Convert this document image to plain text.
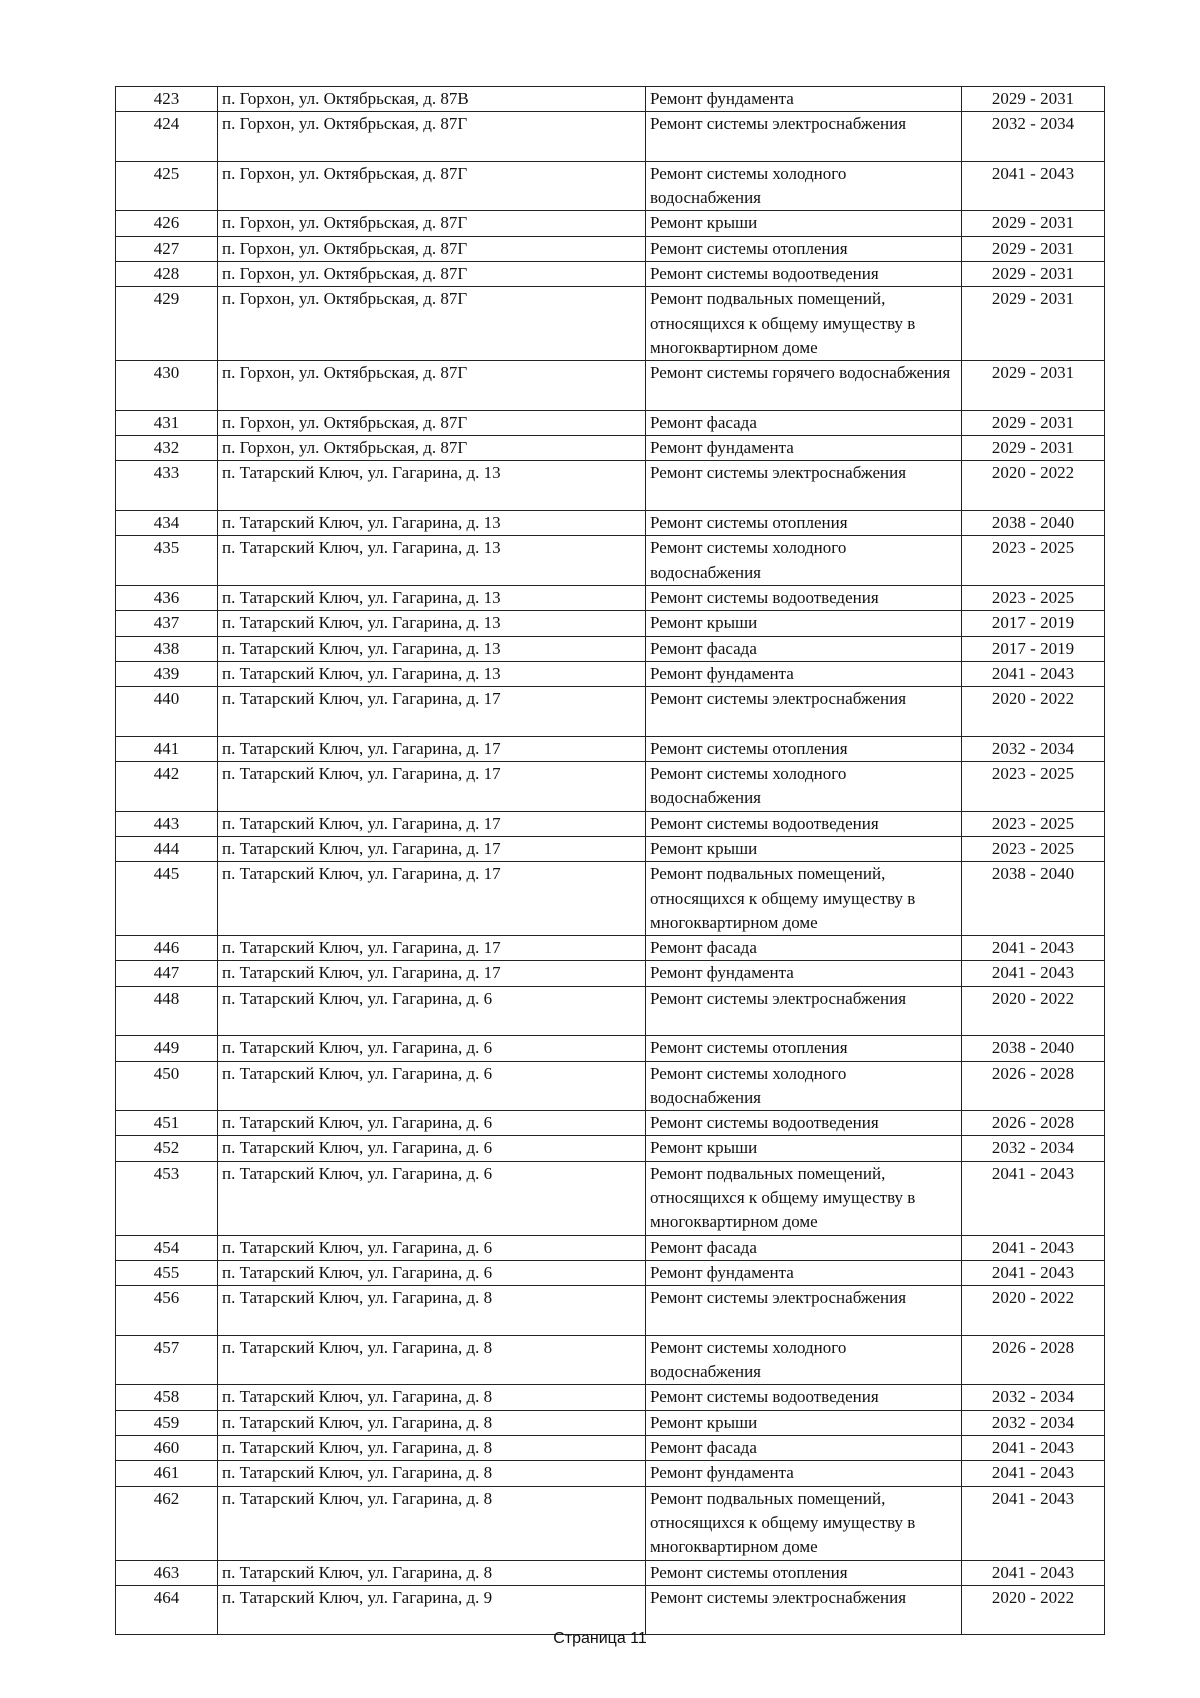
423	п. Горхон, ул. Октябрьская, д. 87В	Ремонт фундамента	2029 - 2031
424	п. Горхон, ул. Октябрьская, д. 87Г	Ремонт системы электроснабжения	2032 - 2034
425	п. Горхон, ул. Октябрьская, д. 87Г	Ремонт системы холодного водоснабжения	2041 - 2043
426	п. Горхон, ул. Октябрьская, д. 87Г	Ремонт крыши	2029 - 2031
427	п. Горхон, ул. Октябрьская, д. 87Г	Ремонт системы отопления	2029 - 2031
428	п. Горхон, ул. Октябрьская, д. 87Г	Ремонт системы водоотведения	2029 - 2031
429	п. Горхон, ул. Октябрьская, д. 87Г	Ремонт подвальных помещений, относящихся к общему имуществу в многоквартирном доме	2029 - 2031
430	п. Горхон, ул. Октябрьская, д. 87Г	Ремонт системы горячего водоснабжения	2029 - 2031
431	п. Горхон, ул. Октябрьская, д. 87Г	Ремонт фасада	2029 - 2031
432	п. Горхон, ул. Октябрьская, д. 87Г	Ремонт фундамента	2029 - 2031
433	п. Татарский Ключ, ул. Гагарина, д. 13	Ремонт системы электроснабжения	2020 - 2022
434	п. Татарский Ключ, ул. Гагарина, д. 13	Ремонт системы отопления	2038 - 2040
435	п. Татарский Ключ, ул. Гагарина, д. 13	Ремонт системы холодного водоснабжения	2023 - 2025
436	п. Татарский Ключ, ул. Гагарина, д. 13	Ремонт системы водоотведения	2023 - 2025
437	п. Татарский Ключ, ул. Гагарина, д. 13	Ремонт крыши	2017 - 2019
438	п. Татарский Ключ, ул. Гагарина, д. 13	Ремонт фасада	2017 - 2019
439	п. Татарский Ключ, ул. Гагарина, д. 13	Ремонт фундамента	2041 - 2043
440	п. Татарский Ключ, ул. Гагарина, д. 17	Ремонт системы электроснабжения	2020 - 2022
441	п. Татарский Ключ, ул. Гагарина, д. 17	Ремонт системы отопления	2032 - 2034
442	п. Татарский Ключ, ул. Гагарина, д. 17	Ремонт системы холодного водоснабжения	2023 - 2025
443	п. Татарский Ключ, ул. Гагарина, д. 17	Ремонт системы водоотведения	2023 - 2025
444	п. Татарский Ключ, ул. Гагарина, д. 17	Ремонт крыши	2023 - 2025
445	п. Татарский Ключ, ул. Гагарина, д. 17	Ремонт подвальных помещений, относящихся к общему имуществу в многоквартирном доме	2038 - 2040
446	п. Татарский Ключ, ул. Гагарина, д. 17	Ремонт фасада	2041 - 2043
447	п. Татарский Ключ, ул. Гагарина, д. 17	Ремонт фундамента	2041 - 2043
448	п. Татарский Ключ, ул. Гагарина, д. 6	Ремонт системы электроснабжения	2020 - 2022
449	п. Татарский Ключ, ул. Гагарина, д. 6	Ремонт системы отопления	2038 - 2040
450	п. Татарский Ключ, ул. Гагарина, д. 6	Ремонт системы холодного водоснабжения	2026 - 2028
451	п. Татарский Ключ, ул. Гагарина, д. 6	Ремонт системы водоотведения	2026 - 2028
452	п. Татарский Ключ, ул. Гагарина, д. 6	Ремонт крыши	2032 - 2034
453	п. Татарский Ключ, ул. Гагарина, д. 6	Ремонт подвальных помещений, относящихся к общему имуществу в многоквартирном доме	2041 - 2043
454	п. Татарский Ключ, ул. Гагарина, д. 6	Ремонт фасада	2041 - 2043
455	п. Татарский Ключ, ул. Гагарина, д. 6	Ремонт фундамента	2041 - 2043
456	п. Татарский Ключ, ул. Гагарина, д. 8	Ремонт системы электроснабжения	2020 - 2022
457	п. Татарский Ключ, ул. Гагарина, д. 8	Ремонт системы холодного водоснабжения	2026 - 2028
458	п. Татарский Ключ, ул. Гагарина, д. 8	Ремонт системы водоотведения	2032 - 2034
459	п. Татарский Ключ, ул. Гагарина, д. 8	Ремонт крыши	2032 - 2034
460	п. Татарский Ключ, ул. Гагарина, д. 8	Ремонт фасада	2041 - 2043
461	п. Татарский Ключ, ул. Гагарина, д. 8	Ремонт фундамента	2041 - 2043
462	п. Татарский Ключ, ул. Гагарина, д. 8	Ремонт подвальных помещений, относящихся к общему имуществу в многоквартирном доме	2041 - 2043
463	п. Татарский Ключ, ул. Гагарина, д. 8	Ремонт системы отопления	2041 - 2043
464	п. Татарский Ключ, ул. Гагарина, д. 9	Ремонт системы электроснабжения	2020 - 2022
Страница 11
